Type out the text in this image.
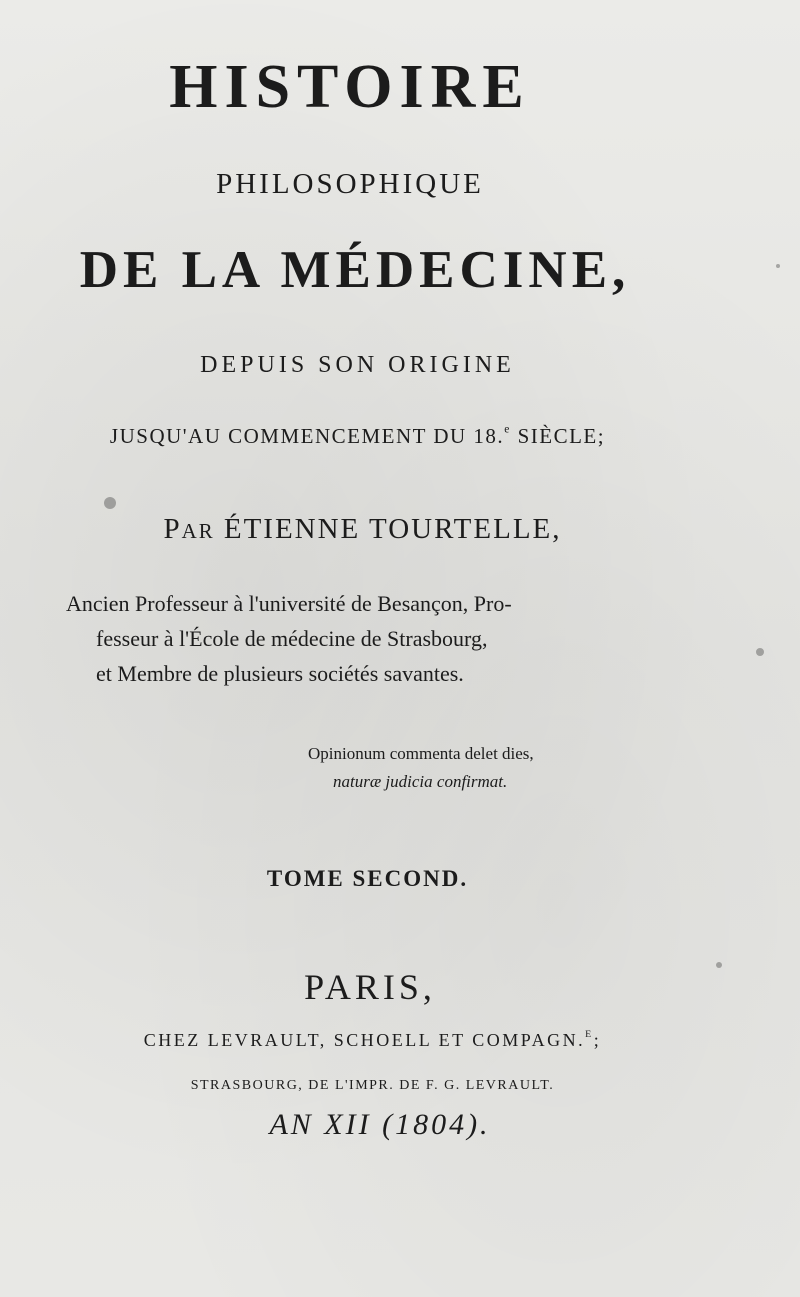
HISTOIRE
PHILOSOPHIQUE
DE LA MÉDECINE,
DEPUIS SON ORIGINE
JUSQU'AU COMMENCEMENT DU 18.$^e$ SIÈCLE;
PAR ÉTIENNE TOURTELLE,
Ancien Professeur à l'université de Besançon, Pro-
fesseur à l'École de médecine de Strasbourg,
et Membre de plusieurs sociétés savantes.
Opinionum commenta delet dies,
naturæ judicia confirmat.
TOME SECOND.
PARIS,
CHEZ LEVRAULT, SCHOELL ET COMPAGN.$^E$;
STRASBOURG, DE L'IMPR. DE F. G. LEVRAULT.
AN XII (1804).
